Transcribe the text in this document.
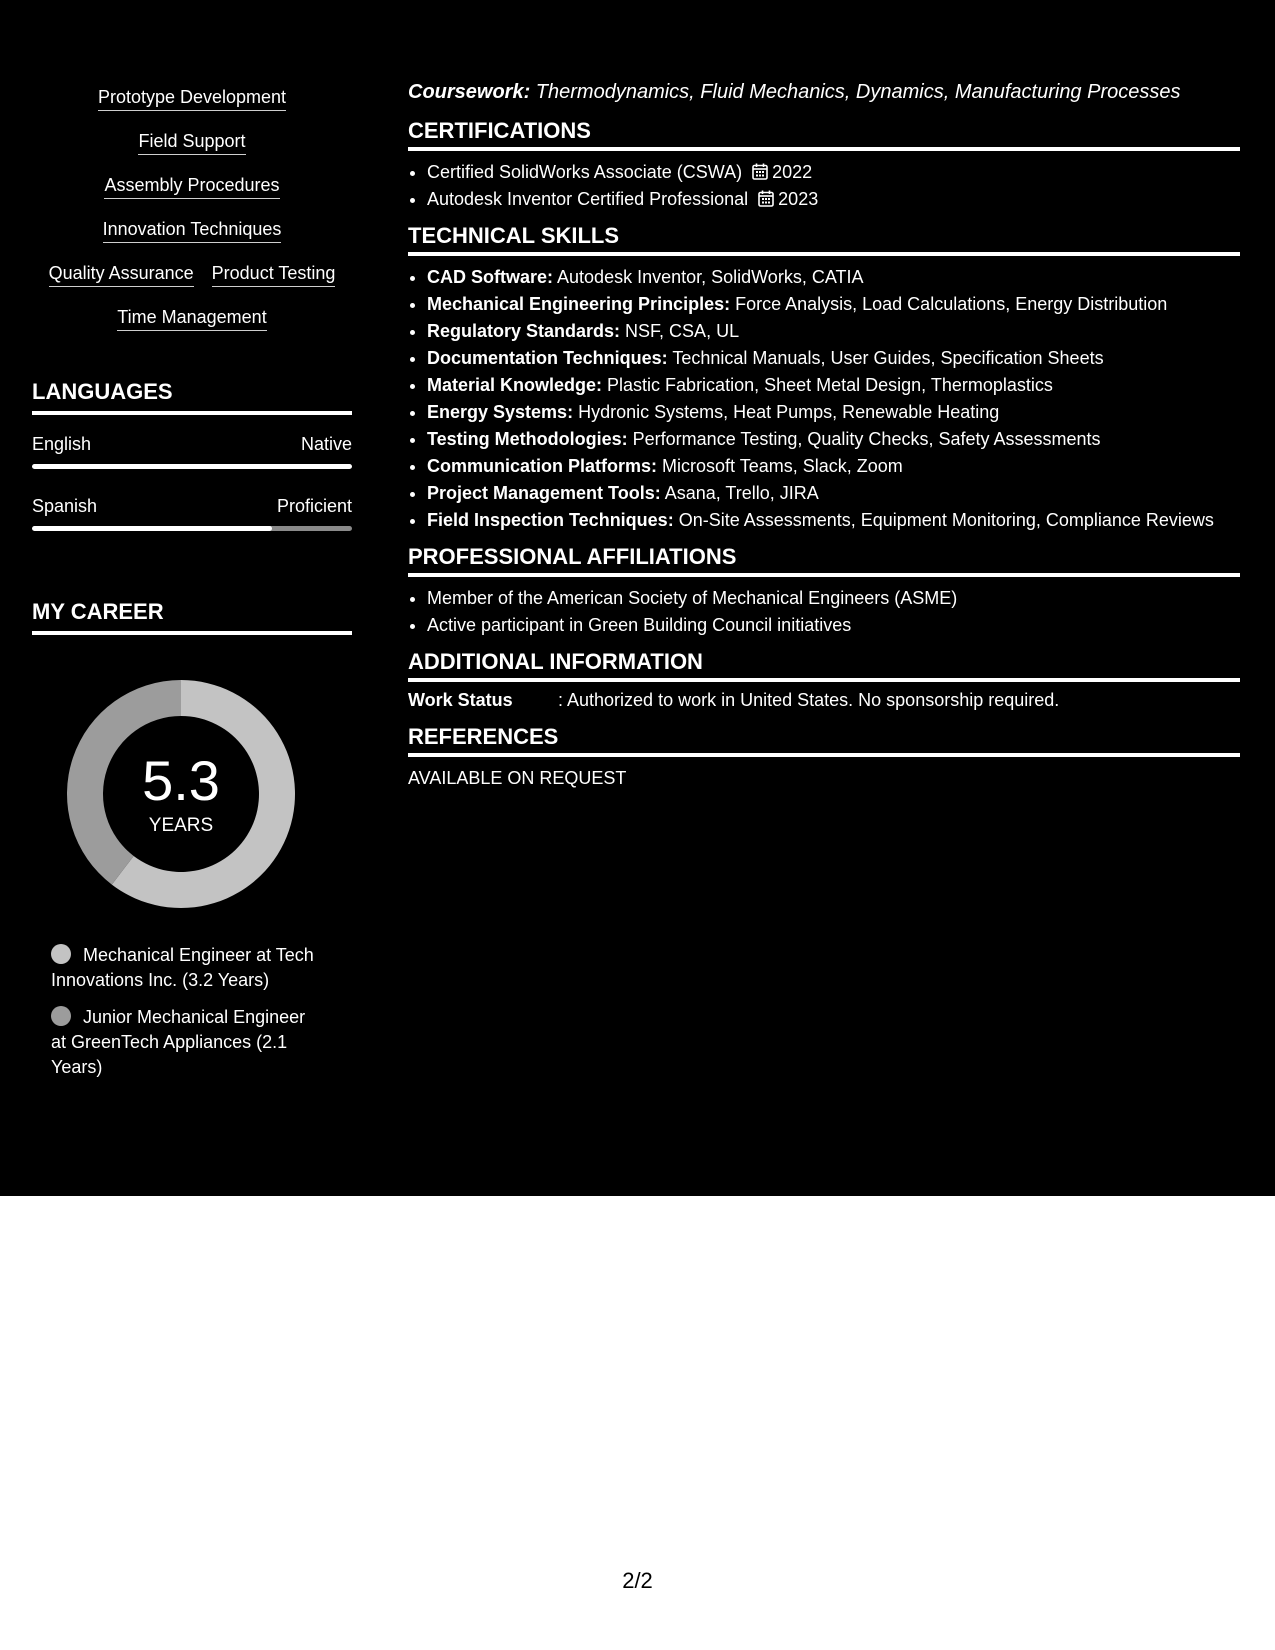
Prototype Development
Field Support
Assembly Procedures
Innovation Techniques
Quality Assurance Product Testing
Time Management
LANGUAGES
English	Native
Spanish	Proficient
MY CAREER
5.3
YEARS
Mechanical Engineer at Tech Innovations Inc. (3.2 Years)
Junior Mechanical Engineer at GreenTech Appliances (2.1 Years)

Coursework: Thermodynamics, Fluid Mechanics, Dynamics, Manufacturing Processes

CERTIFICATIONS
• Certified SolidWorks Associate (CSWA) 2022
• Autodesk Inventor Certified Professional 2023
TECHNICAL SKILLS
• CAD Software: Autodesk Inventor, SolidWorks, CATIA
• Mechanical Engineering Principles: Force Analysis, Load Calculations, Energy Distribution
• Regulatory Standards: NSF, CSA, UL
• Documentation Techniques: Technical Manuals, User Guides, Specification Sheets
• Material Knowledge: Plastic Fabrication, Sheet Metal Design, Thermoplastics
• Energy Systems: Hydronic Systems, Heat Pumps, Renewable Heating
• Testing Methodologies: Performance Testing, Quality Checks, Safety Assessments
• Communication Platforms: Microsoft Teams, Slack, Zoom
• Project Management Tools: Asana, Trello, JIRA
• Field Inspection Techniques: On-Site Assessments, Equipment Monitoring, Compliance Reviews
PROFESSIONAL AFFILIATIONS
• Member of the American Society of Mechanical Engineers (ASME)
• Active participant in Green Building Council initiatives
ADDITIONAL INFORMATION
Work Status	: Authorized to work in United States. No sponsorship required.
REFERENCES
AVAILABLE ON REQUEST
2/2
